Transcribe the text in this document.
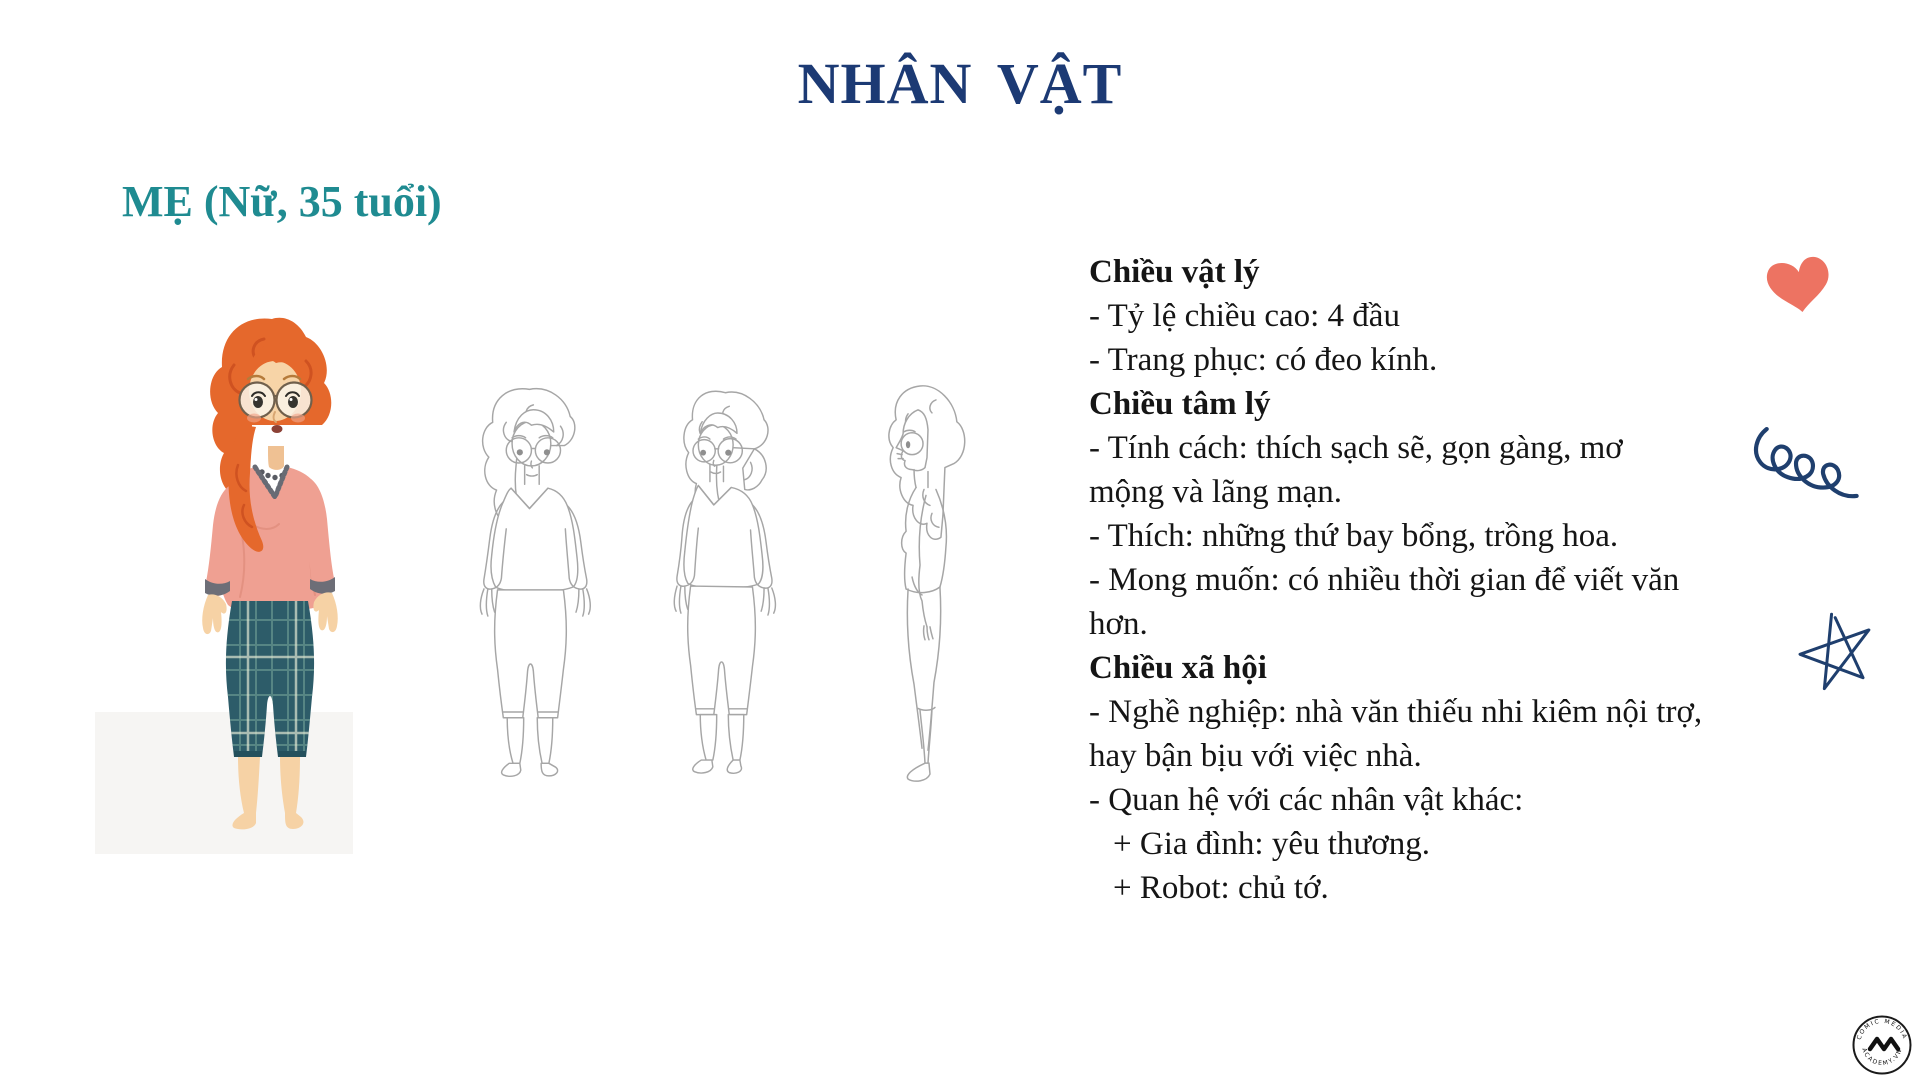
NHÂN VẬT
MẸ (Nữ, 35 tuổi)
Chiều vật lý
- Tỷ lệ chiều cao: 4 đầu
- Trang phục: có đeo kính.
Chiều tâm lý
- Tính cách: thích sạch sẽ, gọn gàng, mơ
mộng và lãng mạn.
- Thích: những thứ bay bổng, trồng hoa.
- Mong muốn: có nhiều thời gian để viết văn
hơn.
Chiều xã hội
- Nghề nghiệp: nhà văn thiếu nhi kiêm nội trợ,
hay bận bịu với việc nhà.
- Quan hệ với các nhân vật khác:
+ Gia đình: yêu thương.
+ Robot: chủ tớ.
COMIC MEDIA
ACADEMY.VN
